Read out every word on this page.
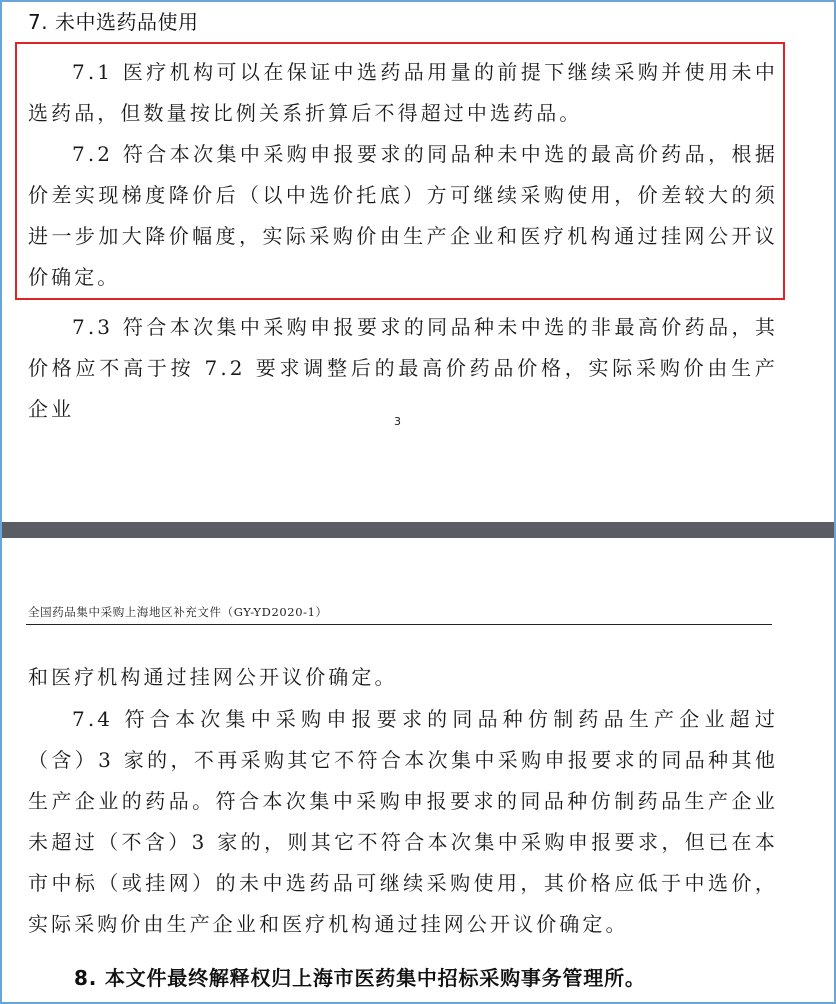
7. 未中选药品使用

7.1 医疗机构可以在保证中选药品用量的前提下继续采购并使用未中选药品，但数量按比例关系折算后不得超过中选药品。

7.2 符合本次集中采购申报要求的同品种未中选的最高价药品，根据价差实现梯度降价后（以中选价托底）方可继续采购使用，价差较大的须进一步加大降价幅度，实际采购价由生产企业和医疗机构通过挂网公开议价确定。

7.3 符合本次集中采购申报要求的同品种未中选的非最高价药品，其价格应不高于按 7.2 要求调整后的最高价药品价格，实际采购价由生产企业

3
全国药品集中采购上海地区补充文件（GY-YD2020-1）

和医疗机构通过挂网公开议价确定。

7.4 符合本次集中采购申报要求的同品种仿制药品生产企业超过（含）3 家的，不再采购其它不符合本次集中采购申报要求的同品种其他生产企业的药品。符合本次集中采购申报要求的同品种仿制药品生产企业未超过（不含）3 家的，则其它不符合本次集中采购申报要求，但已在本市中标（或挂网）的未中选药品可继续采购使用，其价格应低于中选价，实际采购价由生产企业和医疗机构通过挂网公开议价确定。

8. 本文件最终解释权归上海市医药集中招标采购事务管理所。
